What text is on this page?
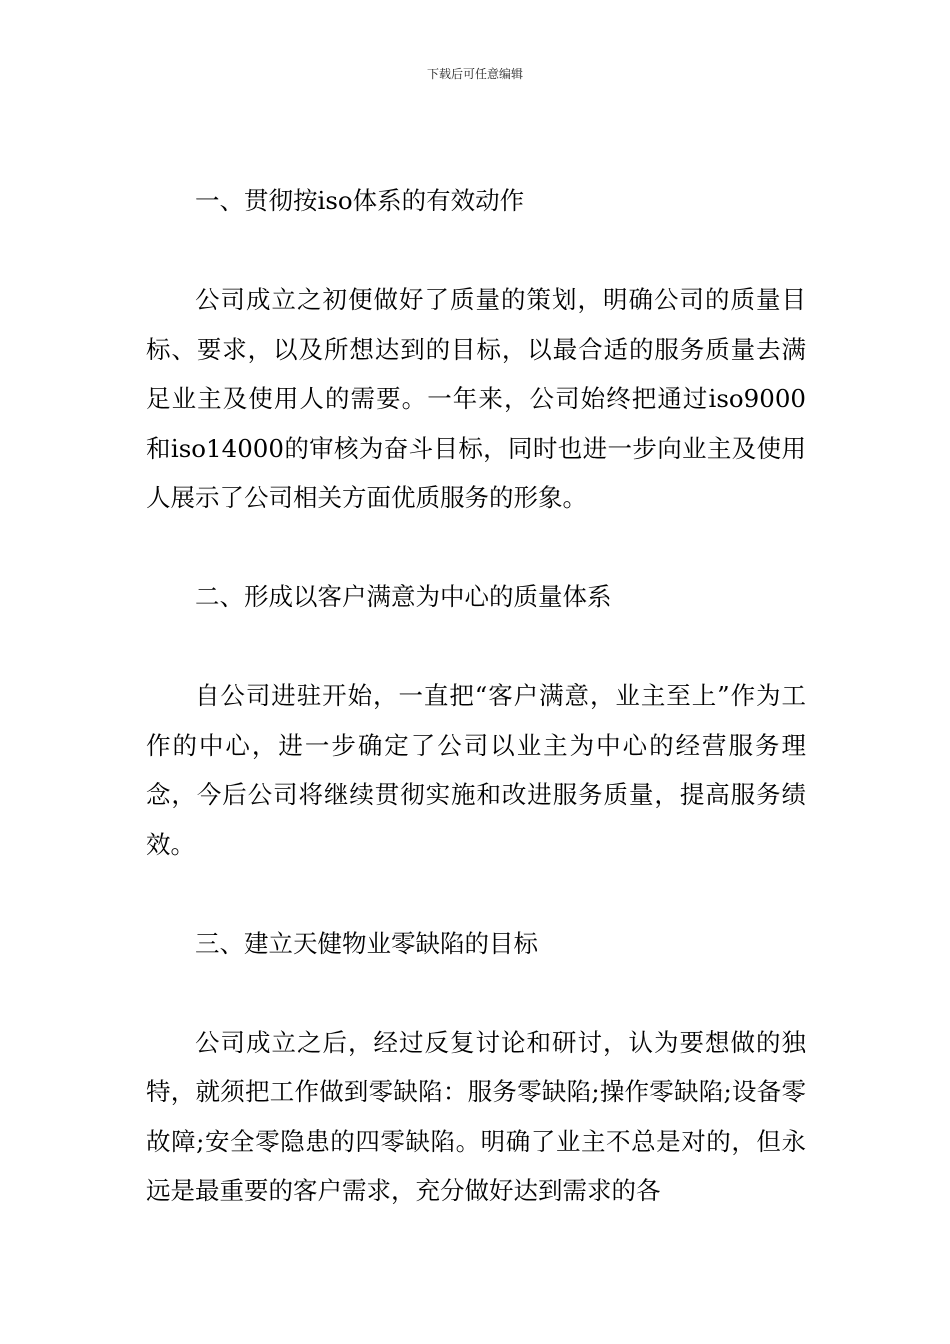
下载后可任意编辑
一、贯彻按iso体系的有效动作

公司成立之初便做好了质量的策划，明确公司的质量目标、要求，以及所想达到的目标，以最合适的服务质量去满足业主及使用人的需要。一年来，公司始终把通过iso9000和iso14000的审核为奋斗目标，同时也进一步向业主及使用人展示了公司相关方面优质服务的形象。

二、形成以客户满意为中心的质量体系

自公司进驻开始，一直把“客户满意，业主至上”作为工作的中心，进一步确定了公司以业主为中心的经营服务理念，今后公司将继续贯彻实施和改进服务质量，提高服务绩效。

三、建立天健物业零缺陷的目标

公司成立之后，经过反复讨论和研讨，认为要想做的独特，就须把工作做到零缺陷：服务零缺陷;操作零缺陷;设备零故障;安全零隐患的四零缺陷。明确了业主不总是对的，但永远是最重要的客户需求，充分做好达到需求的各
